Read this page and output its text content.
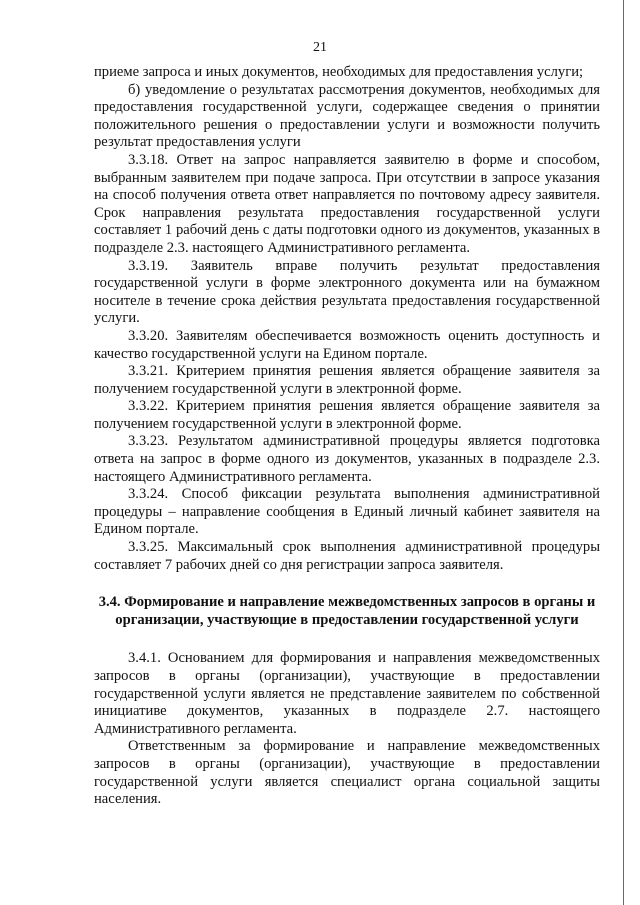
21

приеме запроса и иных документов, необходимых для предоставления услуги;

б) уведомление о результатах рассмотрения документов, необходимых для предоставления государственной услуги, содержащее сведения о принятии положительного решения о предоставлении услуги и возможности получить результат предоставления услуги

3.3.18. Ответ на запрос направляется заявителю в форме и способом, выбранным заявителем при подаче запроса. При отсутствии в запросе указания на способ получения ответа ответ направляется по почтовому адресу заявителя. Срок направления результата предоставления государственной услуги составляет 1 рабочий день с даты подготовки одного из документов, указанных в подразделе 2.3. настоящего Административного регламента.

3.3.19. Заявитель вправе получить результат предоставления государственной услуги в форме электронного документа или на бумажном носителе в течение срока действия результата предоставления государственной услуги.

3.3.20. Заявителям обеспечивается возможность оценить доступность и качество государственной услуги на Едином портале.

3.3.21. Критерием принятия решения является обращение заявителя за получением государственной услуги в электронной форме.

3.3.22. Критерием принятия решения является обращение заявителя за получением государственной услуги в электронной форме.

3.3.23. Результатом административной процедуры является подготовка ответа на запрос в форме одного из документов, указанных в подразделе 2.3. настоящего Административного регламента.

3.3.24. Способ фиксации результата выполнения административной процедуры – направление сообщения в Единый личный кабинет заявителя на Едином портале.

3.3.25. Максимальный срок выполнения административной процедуры составляет 7 рабочих дней со дня регистрации запроса заявителя.

3.4. Формирование и направление межведомственных запросов в органы и организации, участвующие в предоставлении государственной услуги

3.4.1. Основанием для формирования и направления межведомственных запросов в органы (организации), участвующие в предоставлении государственной услуги является не представление заявителем по собственной инициативе документов, указанных в подразделе 2.7. настоящего Административного регламента.

Ответственным за формирование и направление межведомственных запросов в органы (организации), участвующие в предоставлении государственной услуги является специалист органа социальной защиты населения.
